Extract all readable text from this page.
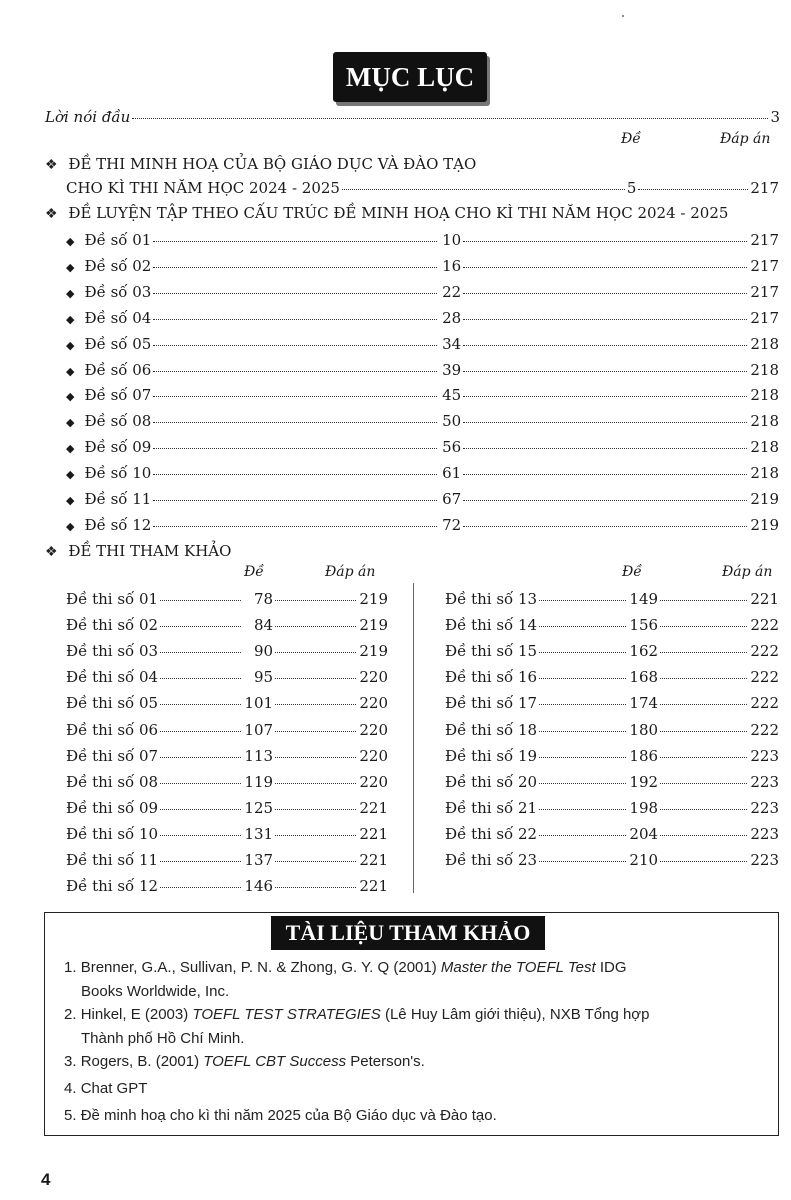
MỤC LỤC
Lời nói đầu	3
Đề	Đáp án
❖ ĐỀ THI MINH HOẠ CỦA BỘ GIÁO DỤC VÀ ĐÀO TẠO
CHO KÌ THI NĂM HỌC 2024 - 2025	5	217
❖ ĐỀ LUYỆN TẬP THEO CẤU TRÚC ĐỀ MINH HOẠ CHO KÌ THI NĂM HỌC 2024 - 2025
◆ Đề số 01	10	217
◆ Đề số 02	16	217
◆ Đề số 03	22	217
◆ Đề số 04	28	217
◆ Đề số 05	34	218
◆ Đề số 06	39	218
◆ Đề số 07	45	218
◆ Đề số 08	50	218
◆ Đề số 09	56	218
◆ Đề số 10	61	218
◆ Đề số 11	67	219
◆ Đề số 12	72	219
❖ ĐỀ THI THAM KHẢO
Đề	Đáp án	Đề	Đáp án
Đề thi số 01	78	219
Đề thi số 02	84	219
Đề thi số 03	90	219
Đề thi số 04	95	220
Đề thi số 05	101	220
Đề thi số 06	107	220
Đề thi số 07	113	220
Đề thi số 08	119	220
Đề thi số 09	125	221
Đề thi số 10	131	221
Đề thi số 11	137	221
Đề thi số 12	146	221
Đề thi số 13	149	221
Đề thi số 14	156	222
Đề thi số 15	162	222
Đề thi số 16	168	222
Đề thi số 17	174	222
Đề thi số 18	180	222
Đề thi số 19	186	223
Đề thi số 20	192	223
Đề thi số 21	198	223
Đề thi số 22	204	223
Đề thi số 23	210	223
TÀI LIỆU THAM KHẢO
1. Brenner, G.A., Sullivan, P. N. & Zhong, G. Y. Q (2001) Master the TOEFL Test IDG
Books Worldwide, Inc.
2. Hinkel, E (2003) TOEFL TEST STRATEGIES (Lê Huy Lâm giới thiệu), NXB Tổng hợp
Thành phố Hồ Chí Minh.
3. Rogers, B. (2001) TOEFL CBT Success Peterson's.
4. Chat GPT
5. Đề minh hoạ cho kì thi năm 2025 của Bộ Giáo dục và Đào tạo.
4
